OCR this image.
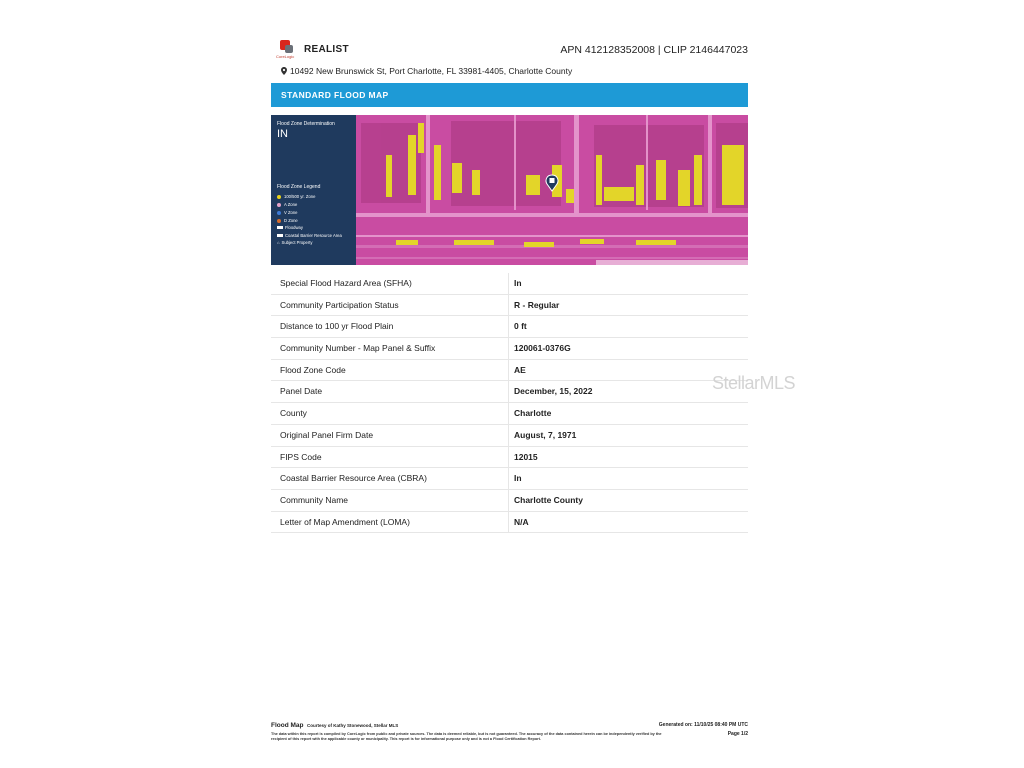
CoreLogic
REALIST	APN 412128352008 | CLIP 2146447023
10492 New Brunswick St, Port Charlotte, FL 33981-4405, Charlotte County
STANDARD FLOOD MAP
Flood Zone Determination
IN
Flood Zone Legend
100/500 yr. Zone
A Zone
V Zone
D Zone
Floodway
Coastal Barrier Resource Area
⌂ Subject Property
Special Flood Hazard Area (SFHA)	In
Community Participation Status	R - Regular
Distance to 100 yr Flood Plain	0 ft
Community Number - Map Panel & Suffix	120061-0376G
Flood Zone Code	AE
Panel Date	December, 15, 2022
County	Charlotte
Original Panel Firm Date	August, 7, 1971
FIPS Code	12015
Coastal Barrier Resource Area (CBRA)	In
Community Name	Charlotte County
Letter of Map Amendment (LOMA)	N/A
StellarMLS
Flood Map Courtesy of Kathy Stonewood, Stellar MLS	Generated on: 11/10/25 08:40 PM UTC
The data within this report is compiled by CoreLogic from public and private sources. The data is deemed reliable, but is not guaranteed. The accuracy of the data contained herein can be independently verified by the recipient of this report with the applicable county or municipality. This report is for informational purpose only and is not a Flood Certification Report.
Page 1/2
